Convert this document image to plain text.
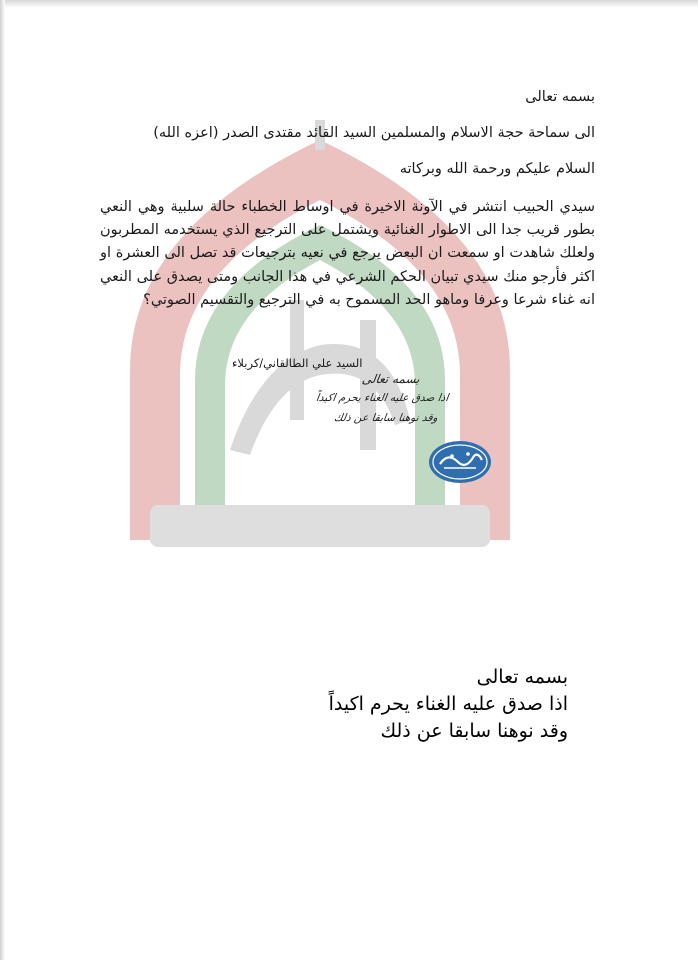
بسمه تعالى
الى سماحة حجة الاسلام والمسلمين السيد القائد مقتدى الصدر (اعزه الله)
السلام عليكم ورحمة الله وبركاته
سيدي الحبيب انتشر في الآونة الاخيرة في اوساط الخطباء حالة سلبية وهي النعي بطور قريب جدا الى الاطوار الغنائية ويشتمل على الترجيع الذي يستخدمه المطربون ولعلك شاهدت او سمعت ان البعض يرجع في نعيه بترجيعات قد تصل الى العشرة او اكثر فأرجو منك سيدي تبيان الحكم الشرعي في هذا الجانب ومتى يصدق على النعي انه غناء شرعا وعرفا وماهو الحد المسموح به في الترجيع والتقسيم الصوتي؟
السيد علي الطالقاني/كربلاء
بسمه تعالى
اذا صدق عليه الغناء يحرم اكيداً
وقد نوهنا سابقا عن ذلك
بسمه تعالى
اذا صدق عليه الغناء يحرم اكيداً
وقد نوهنا سابقا عن ذلك
